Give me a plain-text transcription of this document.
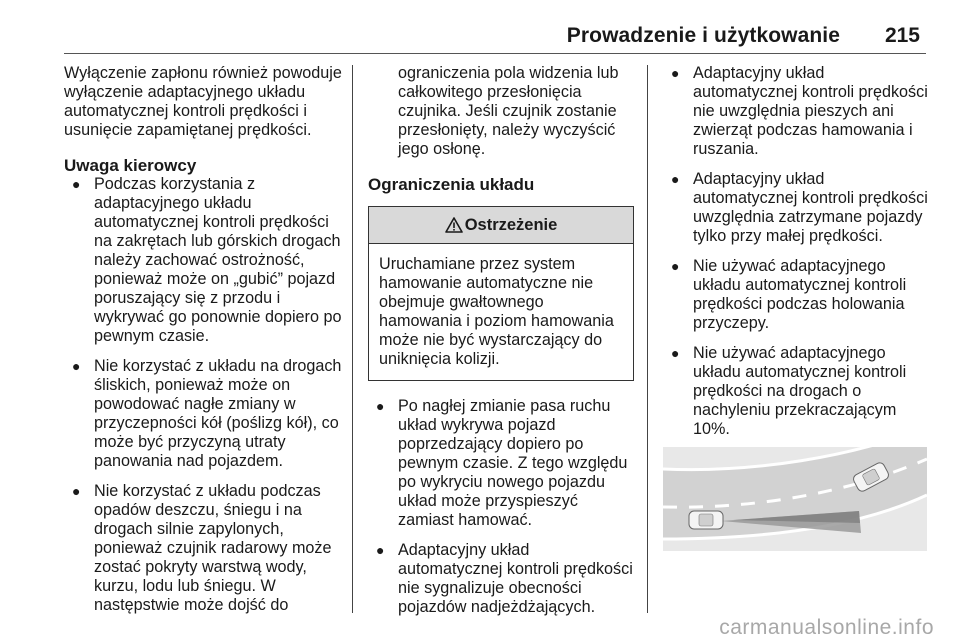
Prowadzenie i użytkowanie 215

Wyłączenie zapłonu również powoduje wyłączenie adaptacyjnego układu automatycznej kontroli prędkości i usunięcie zapamiętanej prędkości.

Uwaga kierowcy

● Podczas korzystania z adaptacyjnego układu automatycznej kontroli prędkości na zakrętach lub górskich drogach należy zachować ostrożność, ponieważ może on „gubić” pojazd poruszający się z przodu i wykrywać go ponownie dopiero po pewnym czasie.
● Nie korzystać z układu na drogach śliskich, ponieważ może on powodować nagłe zmiany w przyczepności kół (poślizg kół), co może być przyczyną utraty panowania nad pojazdem.
● Nie korzystać z układu podczas opadów deszczu, śniegu i na drogach silnie zapylonych, ponieważ czujnik radarowy może zostać pokryty warstwą wody, kurzu, lodu lub śniegu. W następstwie może dojść do

ograniczenia pola widzenia lub całkowitego przesłonięcia czujnika. Jeśli czujnik zostanie przesłonięty, należy wyczyścić jego osłonę.

Ograniczenia układu

Ostrzeżenie
Uruchamiane przez system hamowanie automatyczne nie obejmuje gwałtownego hamowania i poziom hamowania może nie być wystarczający do uniknięcia kolizji.
● Po nagłej zmianie pasa ruchu układ wykrywa pojazd poprzedzający dopiero po pewnym czasie. Z tego względu po wykryciu nowego pojazdu układ może przyspieszyć zamiast hamować.
● Adaptacyjny układ automatycznej kontroli prędkości nie sygnalizuje obecności pojazdów nadjeżdżających.
● Adaptacyjny układ automatycznej kontroli prędkości nie uwzględnia pieszych ani zwierząt podczas hamowania i ruszania.
● Adaptacyjny układ automatycznej kontroli prędkości uwzględnia zatrzymane pojazdy tylko przy małej prędkości.
● Nie używać adaptacyjnego układu automatycznej kontroli prędkości podczas holowania przyczepy.
● Nie używać adaptacyjnego układu automatycznej kontroli prędkości na drogach o nachyleniu przekraczającym 10%.

carmanualsonline.info
